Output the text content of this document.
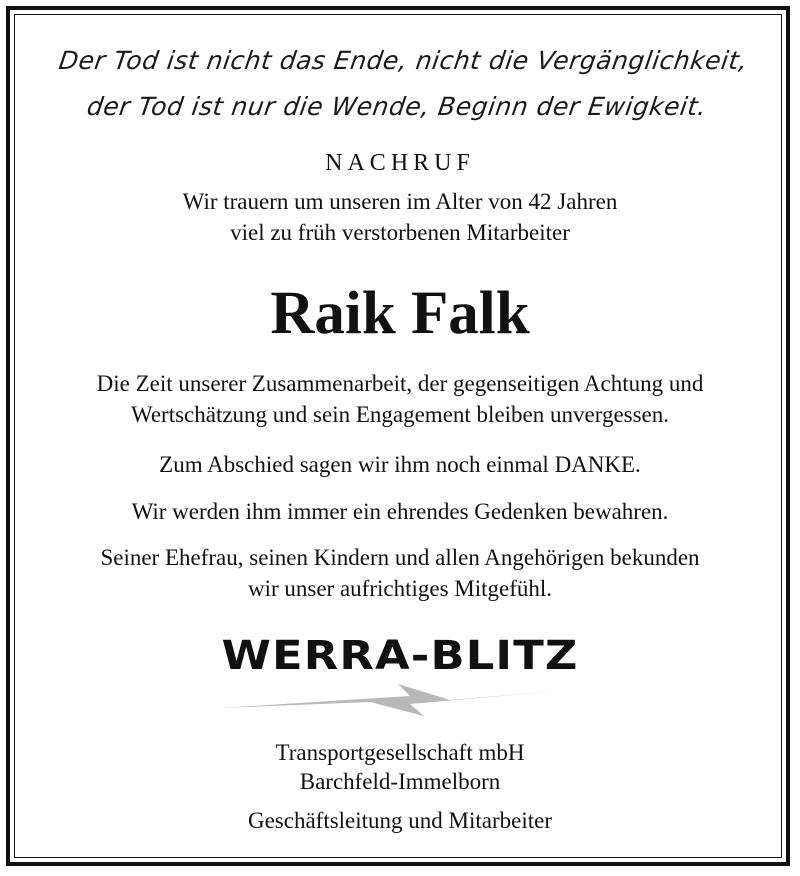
Der Tod ist nicht das Ende, nicht die Vergänglichkeit,
der Tod ist nur die Wende, Beginn der Ewigkeit.
NACHRUF
Wir trauern um unseren im Alter von 42 Jahren
viel zu früh verstorbenen Mitarbeiter
Raik Falk
Die Zeit unserer Zusammenarbeit, der gegenseitigen Achtung und
Wertschätzung und sein Engagement bleiben unvergessen.
Zum Abschied sagen wir ihm noch einmal DANKE.
Wir werden ihm immer ein ehrendes Gedenken bewahren.
Seiner Ehefrau, seinen Kindern und allen Angehörigen bekunden
wir unser aufrichtiges Mitgefühl.
WERRA-BLITZ
Transportgesellschaft mbH
Barchfeld-Immelborn
Geschäftsleitung und Mitarbeiter
